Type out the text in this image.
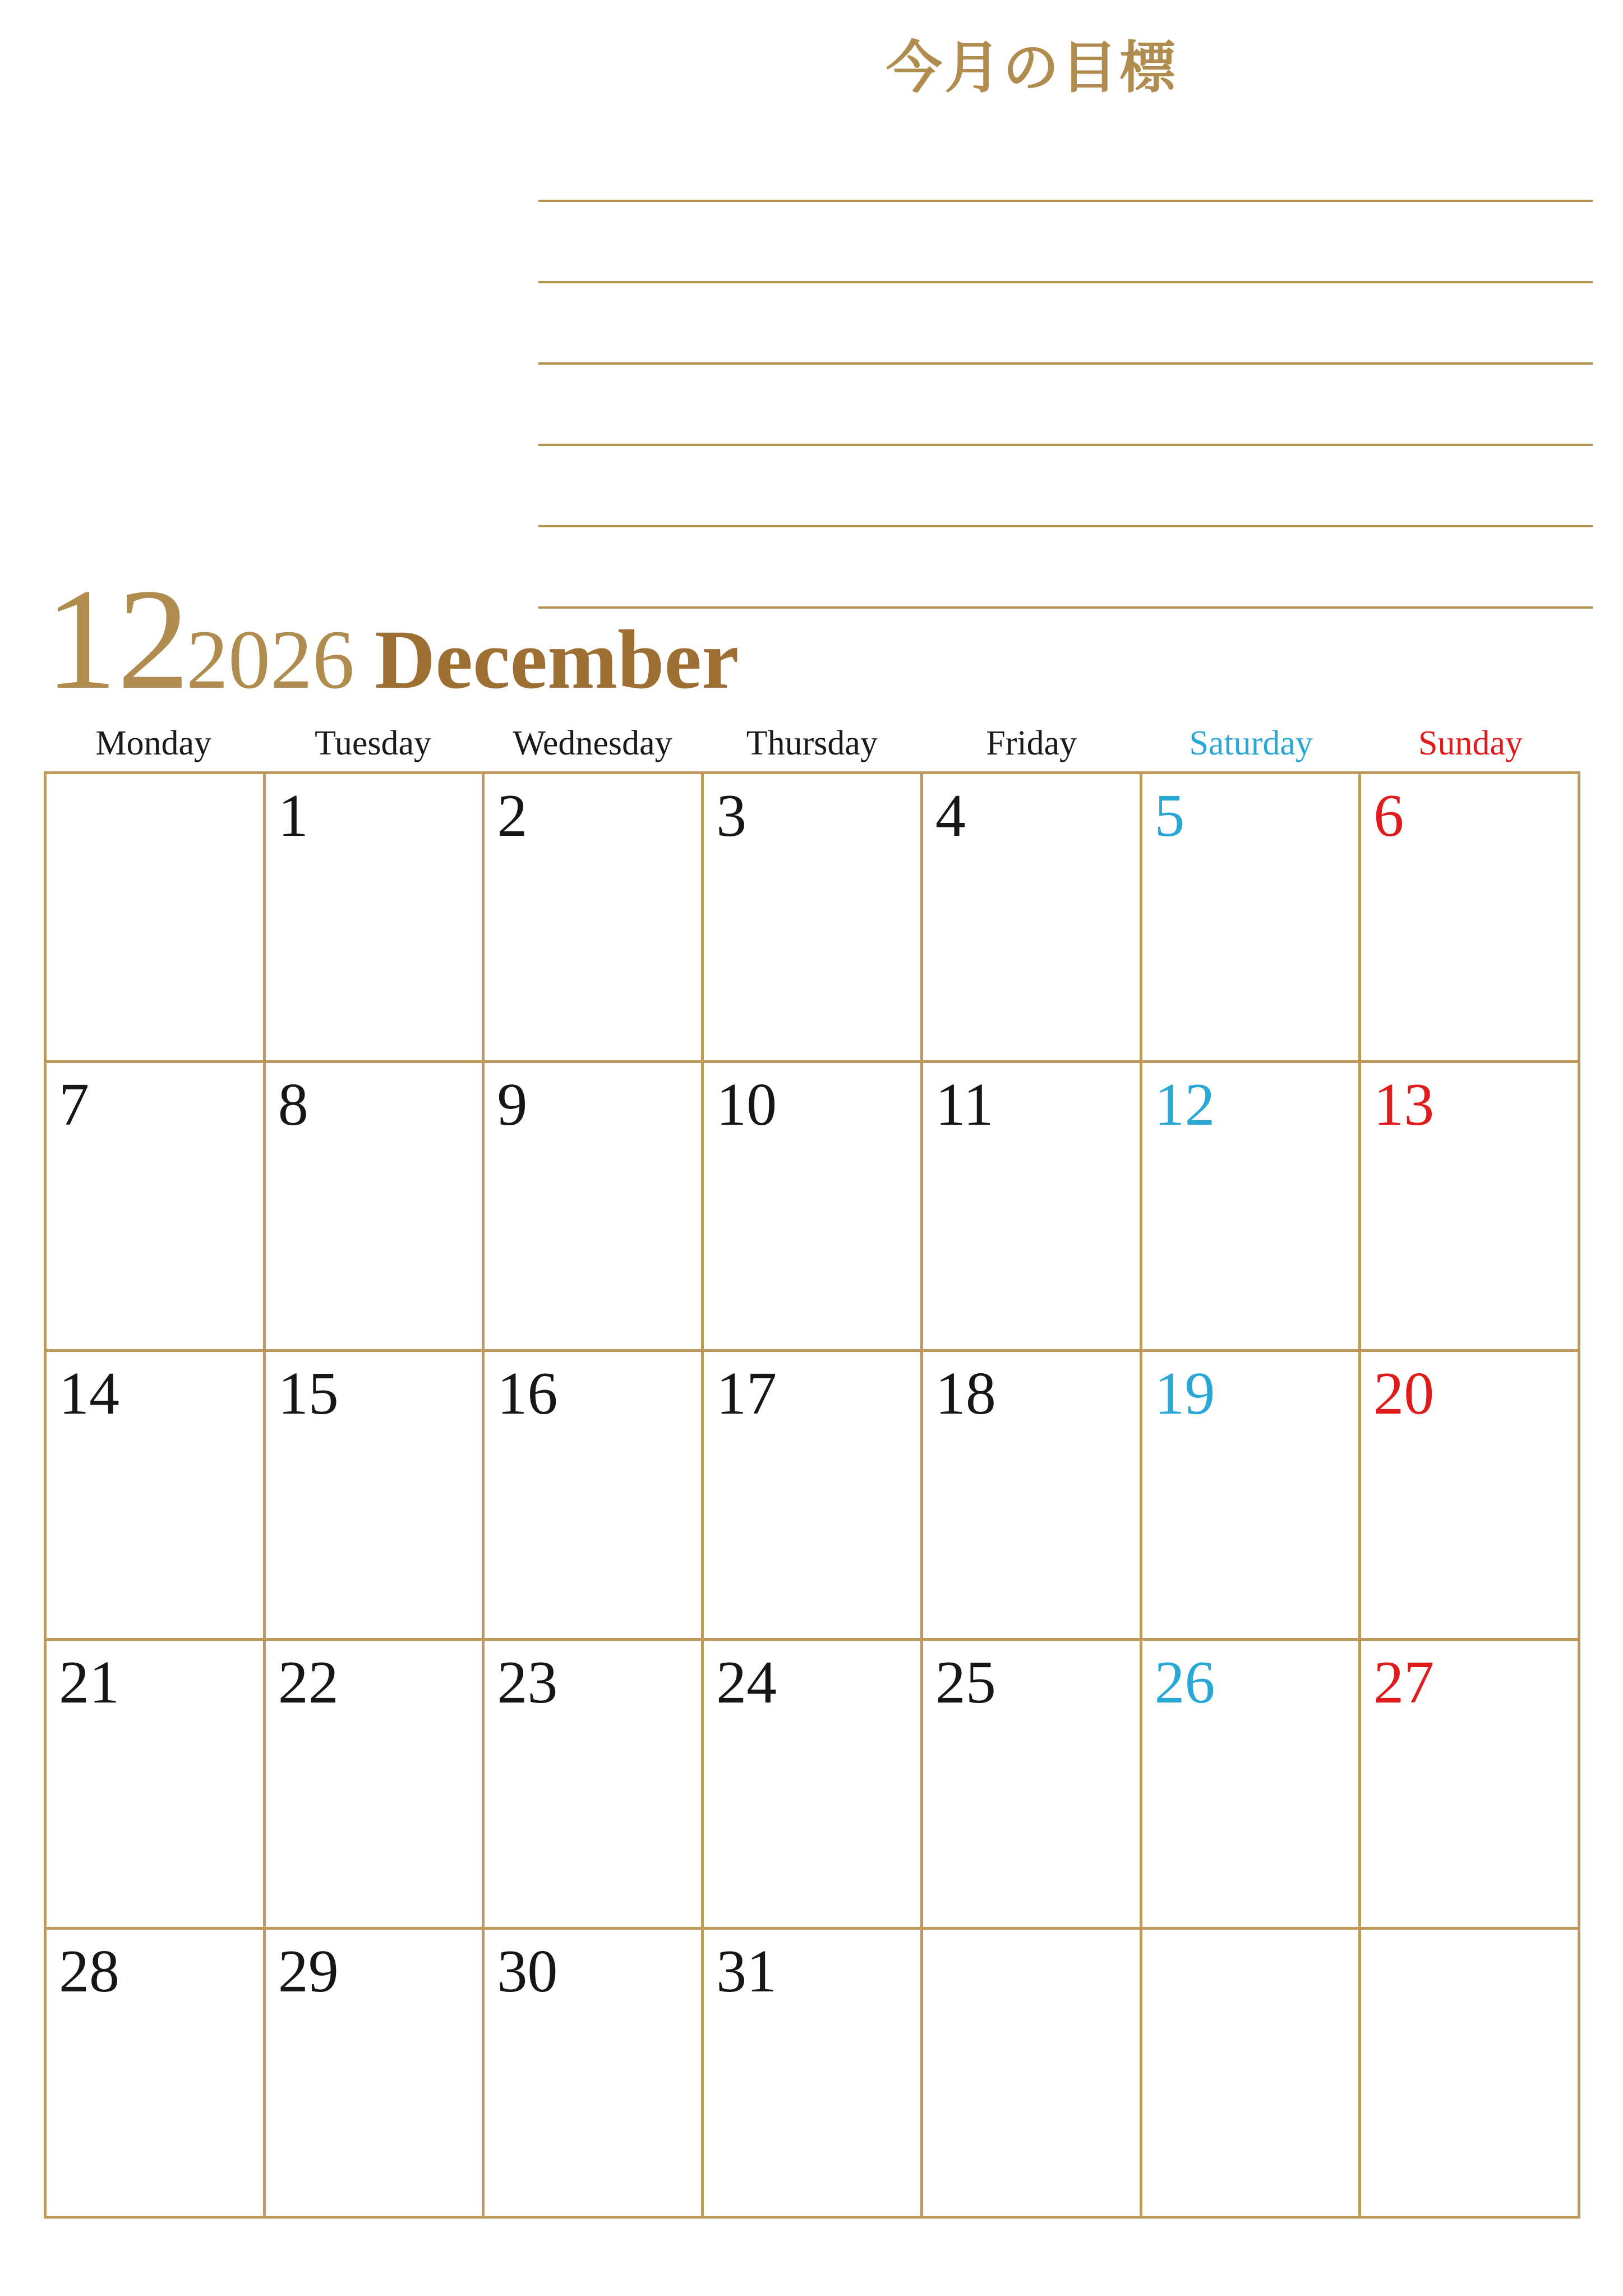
今月の目標
122026 December
Monday	Tuesday	Wednesday	Thursday	Friday	Saturday	Sunday

	1	2	3	4	5	6

7	8	9	10	11	12	13

14	15	16	17	18	19	20

21	22	23	24	25	26	27

28	29	30	31			
